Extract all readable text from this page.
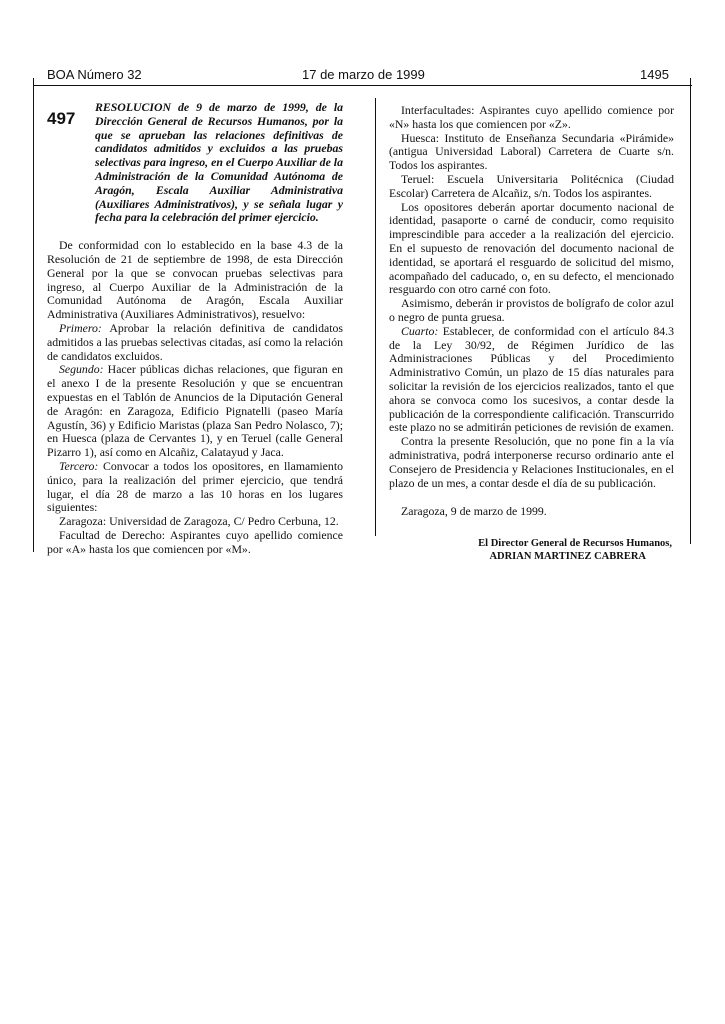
BOA Número 32	17 de marzo de 1999	1495
497
RESOLUCION de 9 de marzo de 1999, de la Dirección General de Recursos Humanos, por la que se aprueban las relaciones definitivas de candidatos admitidos y excluidos a las pruebas selectivas para ingreso, en el Cuerpo Auxiliar de la Administración de la Comunidad Autónoma de Aragón, Escala Auxiliar Administrativa (Auxiliares Administrativos), y se señala lugar y fecha para la celebración del primer ejercicio.

De conformidad con lo establecido en la base 4.3 de la Resolución de 21 de septiembre de 1998, de esta Dirección General por la que se convocan pruebas selectivas para ingreso, al Cuerpo Auxiliar de la Administración de la Comunidad Autónoma de Aragón, Escala Auxiliar Administrativa (Auxiliares Administrativos), resuelvo:

Primero: Aprobar la relación definitiva de candidatos admitidos a las pruebas selectivas citadas, así como la relación de candidatos excluidos.

Segundo: Hacer públicas dichas relaciones, que figuran en el anexo I de la presente Resolución y que se encuentran expuestas en el Tablón de Anuncios de la Diputación General de Aragón: en Zaragoza, Edificio Pignatelli (paseo María Agustín, 36) y Edificio Maristas (plaza San Pedro Nolasco, 7); en Huesca (plaza de Cervantes 1), y en Teruel (calle General Pizarro 1), así como en Alcañiz, Calatayud y Jaca.

Tercero: Convocar a todos los opositores, en llamamiento único, para la realización del primer ejercicio, que tendrá lugar, el día 28 de marzo a las 10 horas en los lugares siguientes:

Zaragoza: Universidad de Zaragoza, C/ Pedro Cerbuna, 12.

Facultad de Derecho: Aspirantes cuyo apellido comience por «A» hasta los que comiencen por «M».

Interfacultades: Aspirantes cuyo apellido comience por «N» hasta los que comiencen por «Z».

Huesca: Instituto de Enseñanza Secundaria «Pirámide» (antigua Universidad Laboral) Carretera de Cuarte s/n. Todos los aspirantes.

Teruel: Escuela Universitaria Politécnica (Ciudad Escolar) Carretera de Alcañiz, s/n. Todos los aspirantes.

Los opositores deberán aportar documento nacional de identidad, pasaporte o carné de conducir, como requisito imprescindible para acceder a la realización del ejercicio. En el supuesto de renovación del documento nacional de identidad, se aportará el resguardo de solicitud del mismo, acompañado del caducado, o, en su defecto, el mencionado resguardo con otro carné con foto.

Asimismo, deberán ir provistos de bolígrafo de color azul o negro de punta gruesa.

Cuarto: Establecer, de conformidad con el artículo 84.3 de la Ley 30/92, de Régimen Jurídico de las Administraciones Públicas y del Procedimiento Administrativo Común, un plazo de 15 días naturales para solicitar la revisión de los ejercicios realizados, tanto el que ahora se convoca como los sucesivos, a contar desde la publicación de la correspondiente calificación. Transcurrido este plazo no se admitirán peticiones de revisión de examen.

Contra la presente Resolución, que no pone fin a la vía administrativa, podrá interponerse recurso ordinario ante el Consejero de Presidencia y Relaciones Institucionales, en el plazo de un mes, a contar desde el día de su publicación.

Zaragoza, 9 de marzo de 1999.

El Director General de Recursos Humanos,
ADRIAN MARTINEZ CABRERA
